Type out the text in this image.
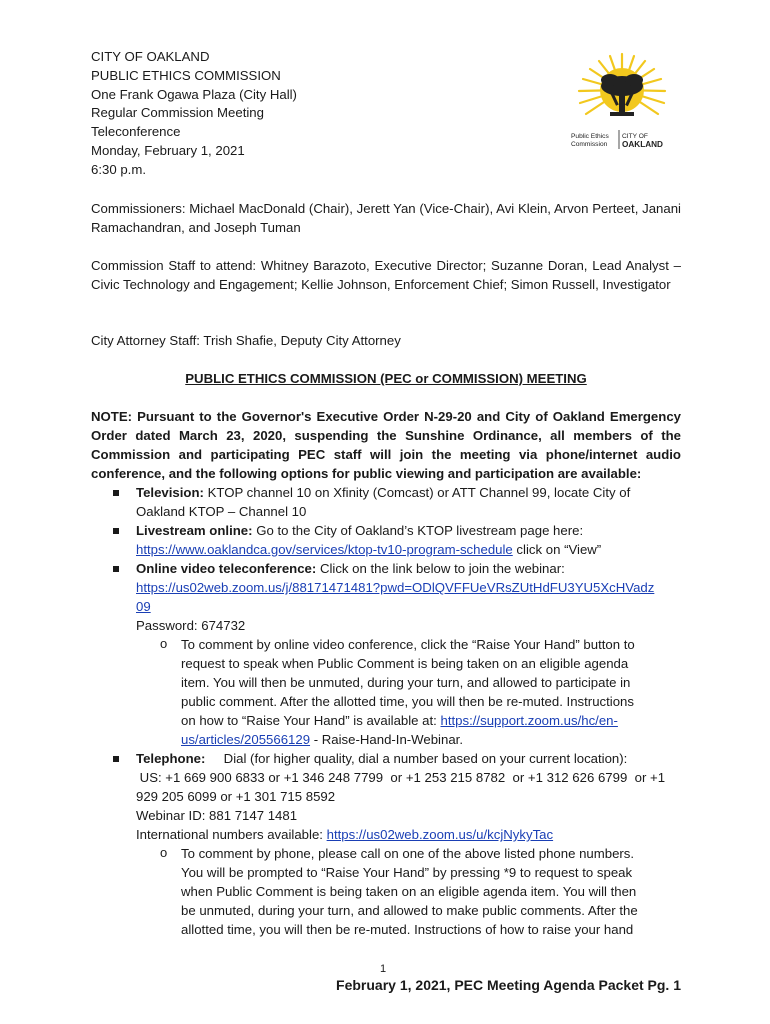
CITY OF OAKLAND
PUBLIC ETHICS COMMISSION
One Frank Ogawa Plaza (City Hall)
Regular Commission Meeting
Teleconference
Monday, February 1, 2021
6:30 p.m.
Public Ethics
Commission
CITY OF
OAKLAND
Commissioners: Michael MacDonald (Chair), Jerett Yan (Vice-Chair), Avi Klein, Arvon Perteet, Janani Ramachandran, and Joseph Tuman
Commission Staff to attend: Whitney Barazoto, Executive Director; Suzanne Doran, Lead Analyst – Civic Technology and Engagement; Kellie Johnson, Enforcement Chief; Simon Russell, Investigator
City Attorney Staff: Trish Shafie, Deputy City Attorney
PUBLIC ETHICS COMMISSION (PEC or COMMISSION) MEETING
NOTE: Pursuant to the Governor's Executive Order N-29-20 and City of Oakland Emergency Order dated March 23, 2020, suspending the Sunshine Ordinance, all members of the Commission and participating PEC staff will join the meeting via phone/internet audio conference, and the following options for public viewing and participation are available:
Television: KTOP channel 10 on Xfinity (Comcast) or ATT Channel 99, locate City of
Oakland KTOP – Channel 10
Livestream online: Go to the City of Oakland’s KTOP livestream page here:
https://www.oaklandca.gov/services/ktop-tv10-program-schedule click on “View”
Online video teleconference: Click on the link below to join the webinar:
https://us02web.zoom.us/j/88171471481?pwd=ODlQVFFUeVRsZUtHdFU3YU5XcHVadz
09
Password: 674732
o To comment by online video conference, click the “Raise Your Hand” button to
request to speak when Public Comment is being taken on an eligible agenda
item. You will then be unmuted, during your turn, and allowed to participate in
public comment. After the allotted time, you will then be re-muted. Instructions
on how to “Raise Your Hand” is available at: https://support.zoom.us/hc/en-
us/articles/205566129 - Raise-Hand-In-Webinar.
Telephone:     Dial (for higher quality, dial a number based on your current location):
US: +1 669 900 6833 or +1 346 248 7799  or +1 253 215 8782  or +1 312 626 6799  or +1
929 205 6099 or +1 301 715 8592
Webinar ID: 881 7147 1481
International numbers available: https://us02web.zoom.us/u/kcjNykyTac
o To comment by phone, please call on one of the above listed phone numbers.
You will be prompted to “Raise Your Hand” by pressing *9 to request to speak
when Public Comment is being taken on an eligible agenda item. You will then
be unmuted, during your turn, and allowed to make public comments. After the
allotted time, you will then be re-muted. Instructions of how to raise your hand
1
February 1, 2021, PEC Meeting Agenda Packet Pg. 1
